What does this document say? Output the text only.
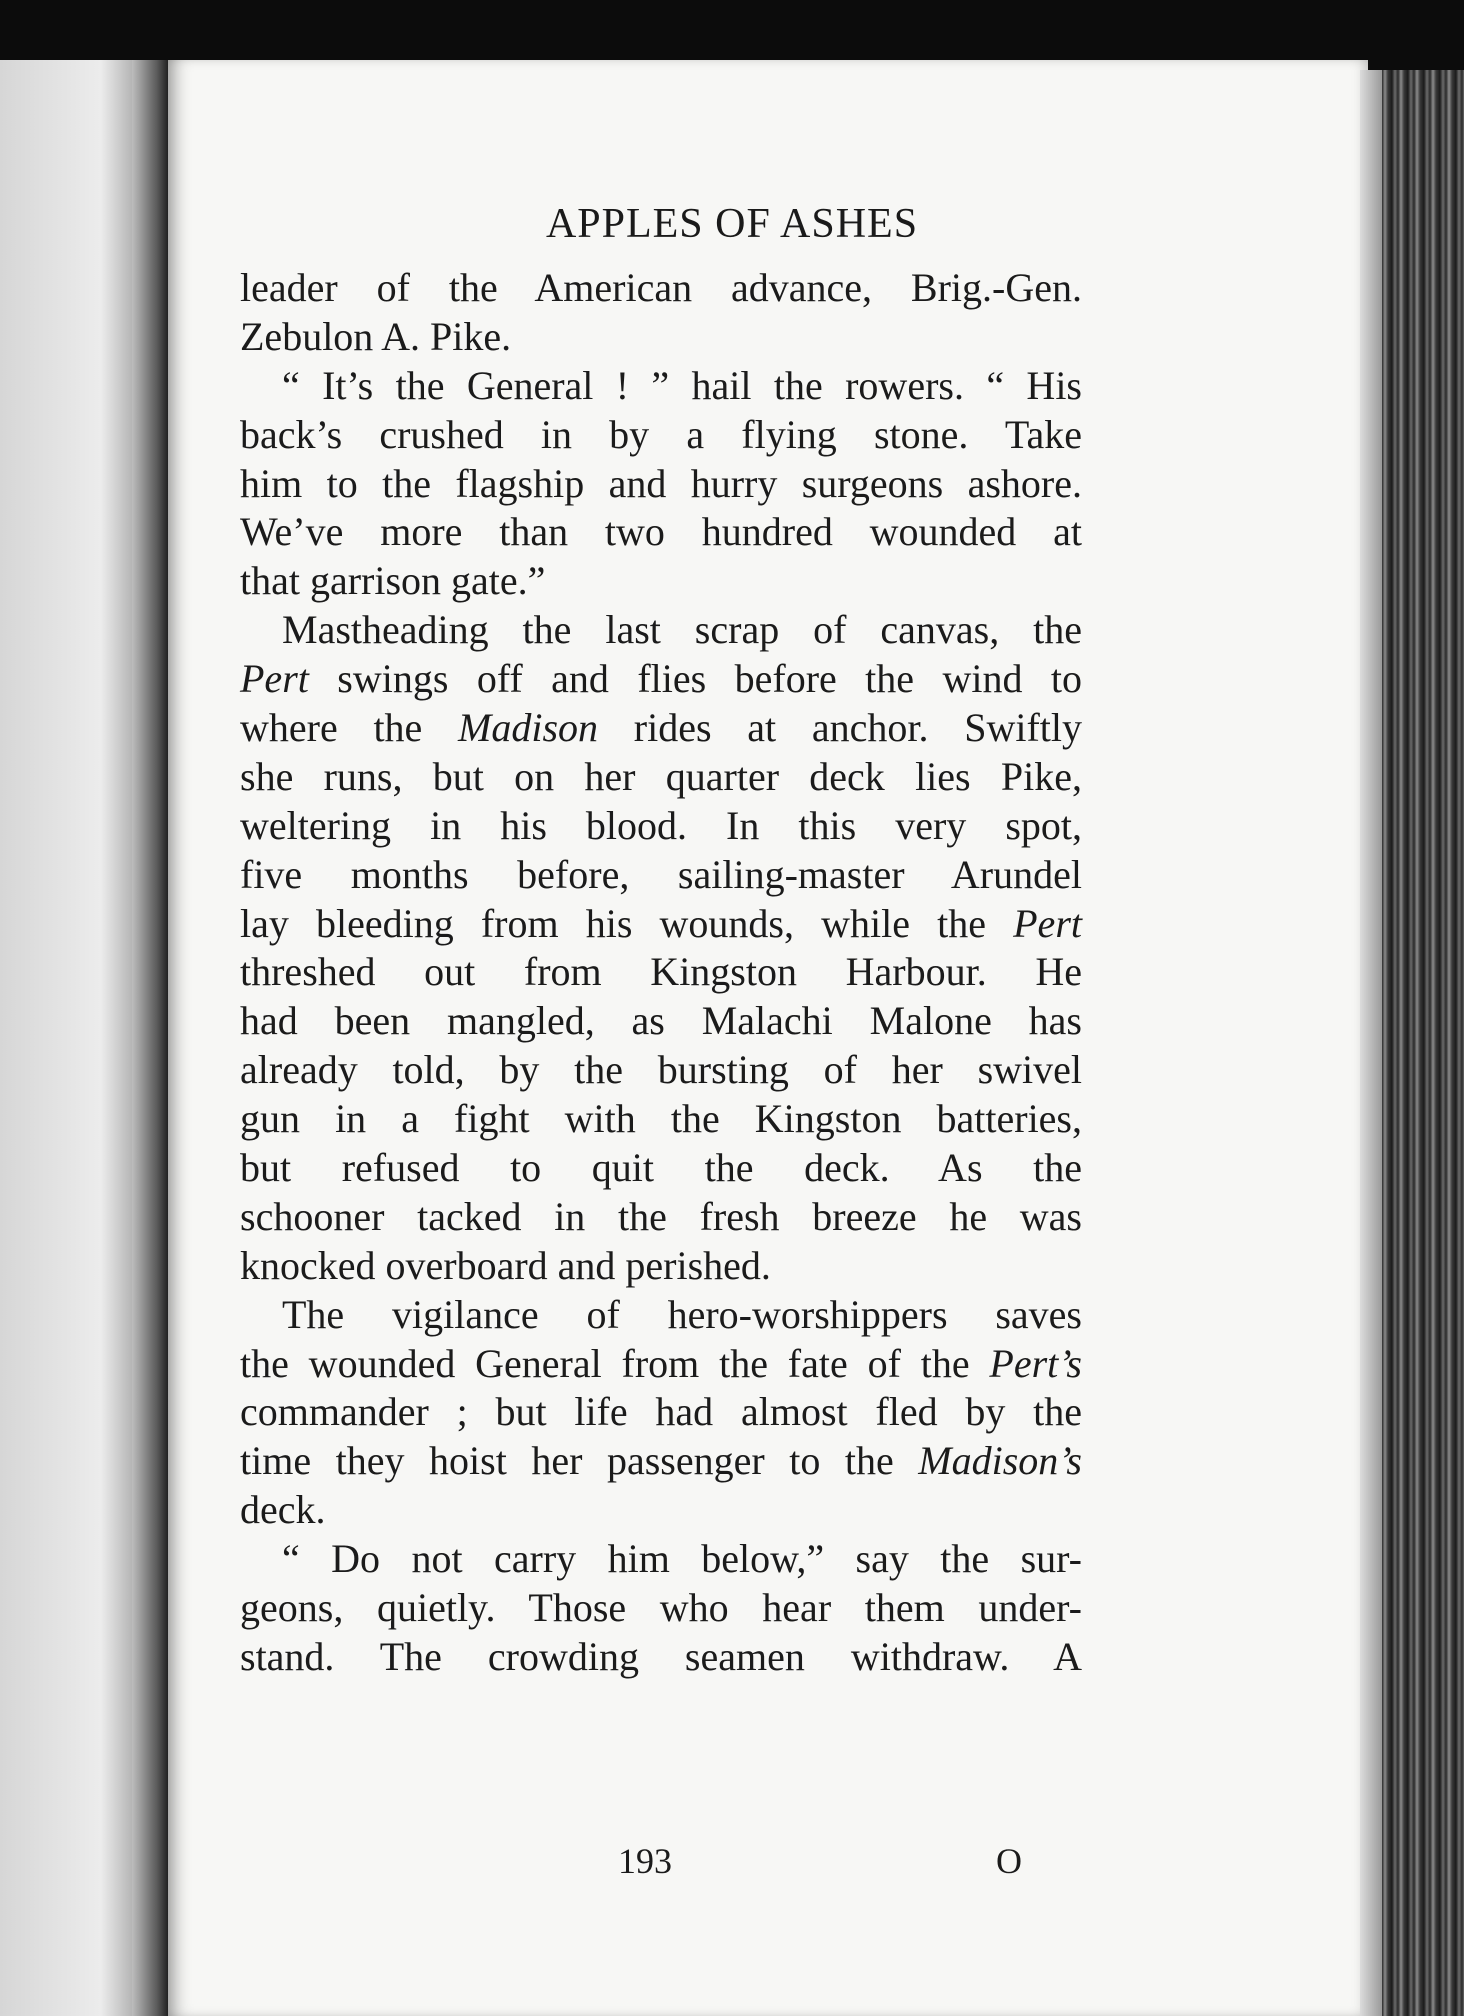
APPLES OF ASHES
leader of the American advance, Brig.-Gen.
Zebulon A. Pike.
“ It’s the General ! ” hail the rowers. “ His
back’s crushed in by a flying stone. Take
him to the flagship and hurry surgeons ashore.
We’ve more than two hundred wounded at
that garrison gate.”
Mastheading the last scrap of canvas, the
Pert swings off and flies before the wind to
where the Madison rides at anchor. Swiftly
she runs, but on her quarter deck lies Pike,
weltering in his blood. In this very spot,
five months before, sailing-master Arundel
lay bleeding from his wounds, while the Pert
threshed out from Kingston Harbour. He
had been mangled, as Malachi Malone has
already told, by the bursting of her swivel
gun in a fight with the Kingston batteries,
but refused to quit the deck. As the
schooner tacked in the fresh breeze he was
knocked overboard and perished.
The vigilance of hero-worshippers saves
the wounded General from the fate of the Pert’s
commander ; but life had almost fled by the
time they hoist her passenger to the Madison’s
deck.
“ Do not carry him below,” say the sur-
geons, quietly. Those who hear them under-
stand. The crowding seamen withdraw. A
193	O
